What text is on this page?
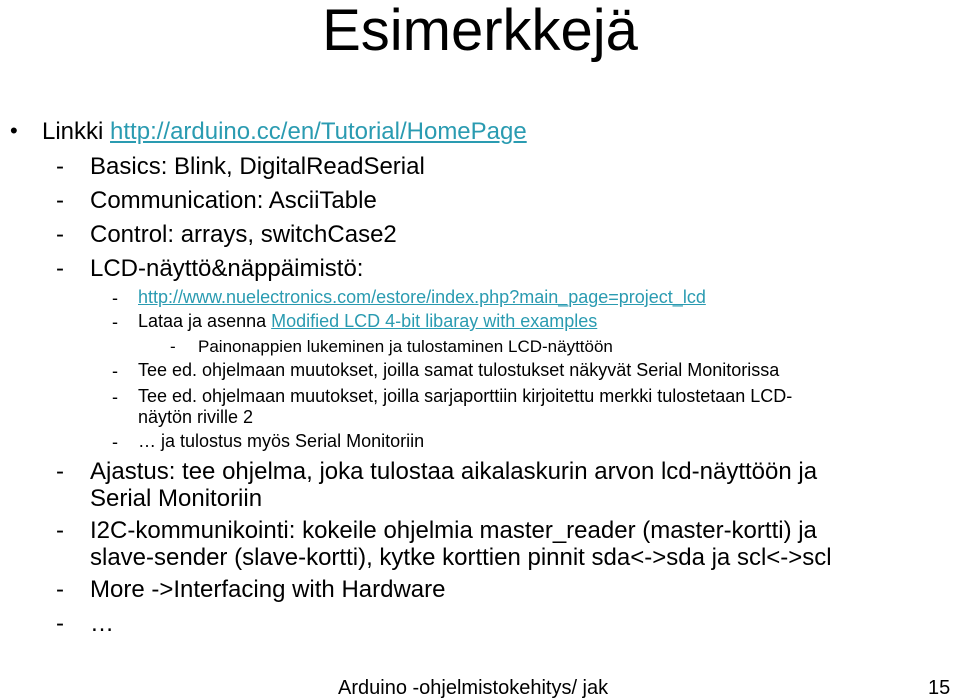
Esimerkkejä
• Linkki http://arduino.cc/en/Tutorial/HomePage
- Basics: Blink, DigitalReadSerial
- Communication: AsciiTable
- Control: arrays, switchCase2
- LCD-näyttö&näppäimistö:
- http://www.nuelectronics.com/estore/index.php?main_page=project_lcd
- Lataa ja asenna Modified LCD 4-bit libaray with examples
- Painonappien lukeminen ja tulostaminen LCD-näyttöön
- Tee ed. ohjelmaan muutokset, joilla samat tulostukset näkyvät Serial Monitorissa
- Tee ed. ohjelmaan muutokset, joilla sarjaporttiin kirjoitettu merkki tulostetaan LCD-
näytön riville 2
- … ja tulostus myös Serial Monitoriin
- Ajastus: tee ohjelma, joka tulostaa aikalaskurin arvon lcd-näyttöön ja
Serial Monitoriin
- I2C-kommunikointi: kokeile ohjelmia master_reader (master-kortti) ja
slave-sender (slave-kortti), kytke korttien pinnit sda<->sda ja scl<->scl
- More ->Interfacing with Hardware
- …
Arduino -ohjelmistokehitys/ jak	15
